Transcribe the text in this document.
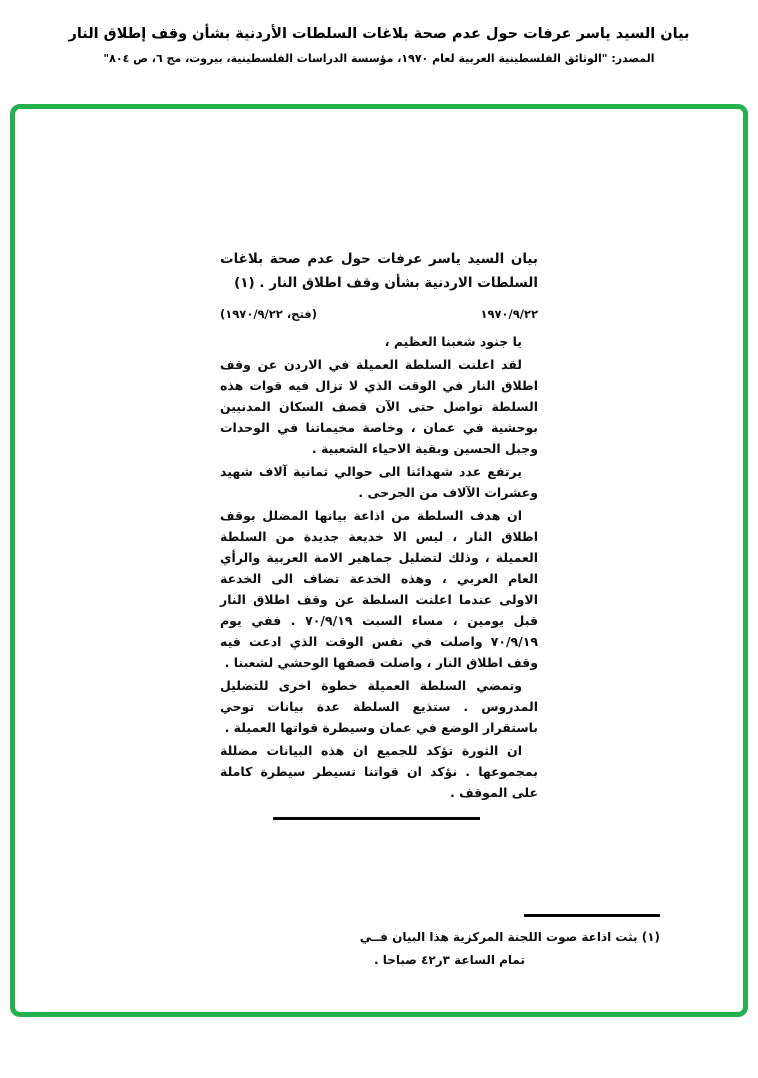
بيان السيد ياسر عرفات حول عدم صحة بلاغات السلطات الأردنية بشأن وقف إطلاق النار
المصدر: "الوثائق الفلسطينية العربية لعام ١٩٧٠، مؤسسة الدراسات الفلسطينية، بيروت، مج ٦، ص ٨٠٤"

بيان السيد ياسر عرفات حول عدم صحة بلاغات السلطات الاردنية بشأن وقف اطلاق النار . (١)

١٩٧٠/٩/٢٢
(فتح، ١٩٧٠/٩/٢٢)

يا جنود شعبنا العظيم ،

لقد اعلنت السلطة العميلة في الاردن عن وقف اطلاق النار في الوقت الذي لا تزال فيه قوات هذه السلطة تواصل حتى الآن قصف السكان المدنيين بوحشية في عمان ، وخاصة مخيماتنا في الوحدات وجبل الحسين وبقية الاحياء الشعبية .

يرتفع عدد شهدائنا الى حوالي ثمانية آلاف شهيد وعشرات الآلاف من الجرحى .

ان هدف السلطة من اذاعة بيانها المضلل بوقف اطلاق النار ، ليس الا خديعة جديدة من السلطة العميلة ، وذلك لتضليل جماهير الامة العربية والرأي العام العربي ، وهذه الخدعة تضاف الى الخدعة الاولى عندما اعلنت السلطة عن وقف اطلاق النار قبل يومين ، مساء السبت ٧٠/٩/١٩ . ففي يوم ٧٠/٩/١٩ واصلت في نفس الوقت الذي ادعت فيه وقف اطلاق النار ، واصلت قصفها الوحشي لشعبنا .

وتمضي السلطة العميلة خطوة اخرى للتضليل المدروس . ستذيع السلطة عدة بيانات توحي باستقرار الوضع في عمان وسيطرة قواتها العميلة .

ان الثورة تؤكد للجميع ان هذه البيانات مضللة بمجموعها . نؤكد ان قواتنا تسيطر سيطرة كاملة على الموقف .

(١) بثت اذاعة صوت اللجنة المركزية هذا البيان فــي
تمام الساعة ٣ر٤٢ صباحا .
